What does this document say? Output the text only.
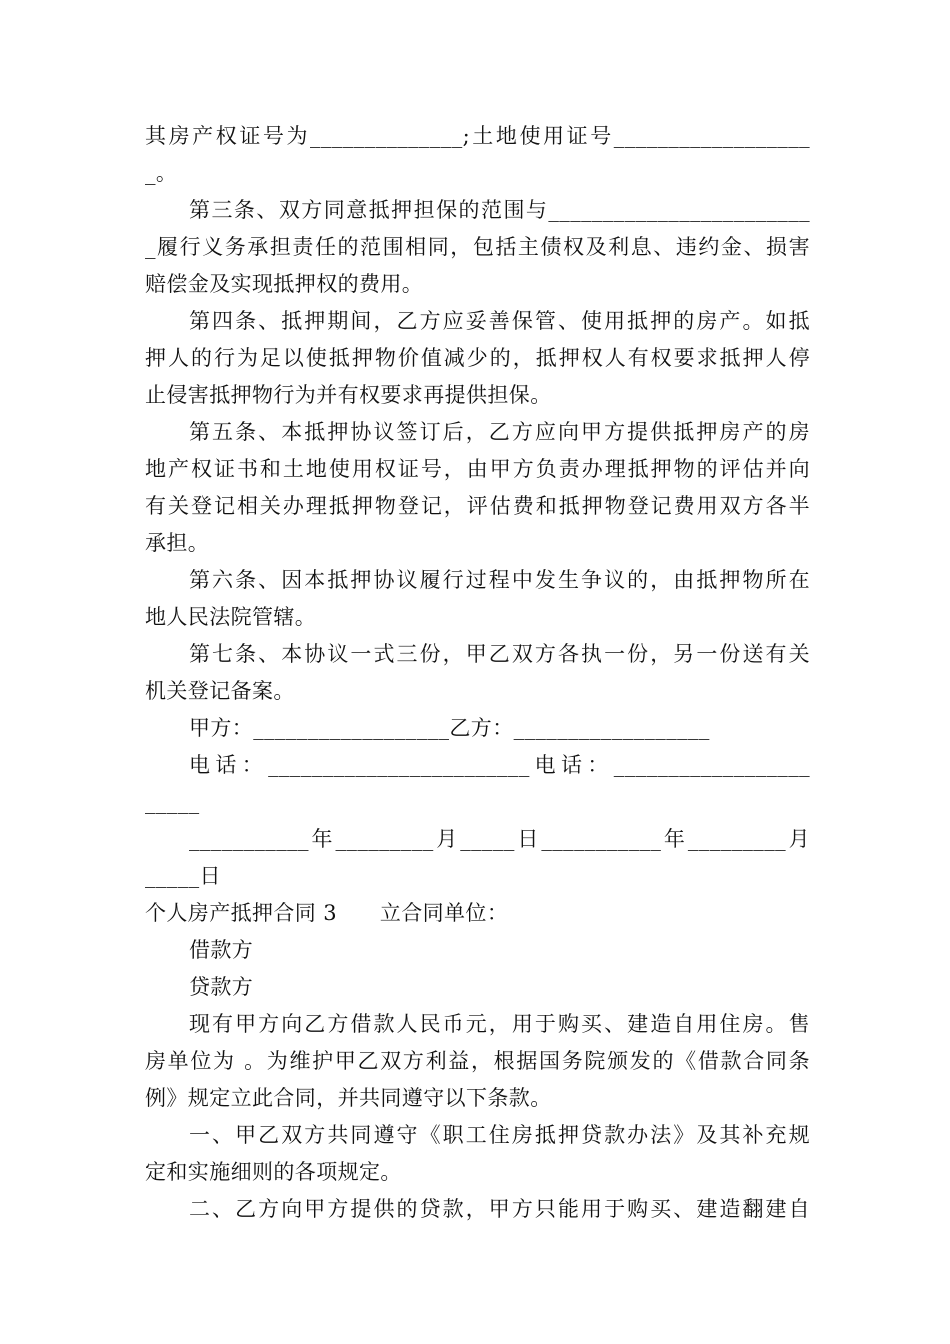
其房产权证号为______________;土地使用证号__________________
_。
第三条、双方同意抵押担保的范围与________________________
_履行义务承担责任的范围相同，包括主债权及利息、违约金、损害
赔偿金及实现抵押权的费用。
第四条、抵押期间，乙方应妥善保管、使用抵押的房产。如抵
押人的行为足以使抵押物价值减少的，抵押权人有权要求抵押人停
止侵害抵押物行为并有权要求再提供担保。
第五条、本抵押协议签订后，乙方应向甲方提供抵押房产的房
地产权证书和土地使用权证号，由甲方负责办理抵押物的评估并向
有关登记相关办理抵押物登记，评估费和抵押物登记费用双方各半
承担。
第六条、因本抵押协议履行过程中发生争议的，由抵押物所在
地人民法院管辖。
第七条、本协议一式三份，甲乙双方各执一份，另一份送有关
机关登记备案。
甲方：__________________乙方：__________________
电话：________________________电话：__________________
_____
___________年_________月_____日___________年_________月
_____日
个人房产抵押合同 3　　立合同单位：
借款方
贷款方
现有甲方向乙方借款人民币元，用于购买、建造自用住房。售
房单位为 。为维护甲乙双方利益，根据国务院颁发的《借款合同条
例》规定立此合同，并共同遵守以下条款。
一、甲乙双方共同遵守《职工住房抵押贷款办法》及其补充规
定和实施细则的各项规定。
二、乙方向甲方提供的贷款，甲方只能用于购买、建造翻建自
